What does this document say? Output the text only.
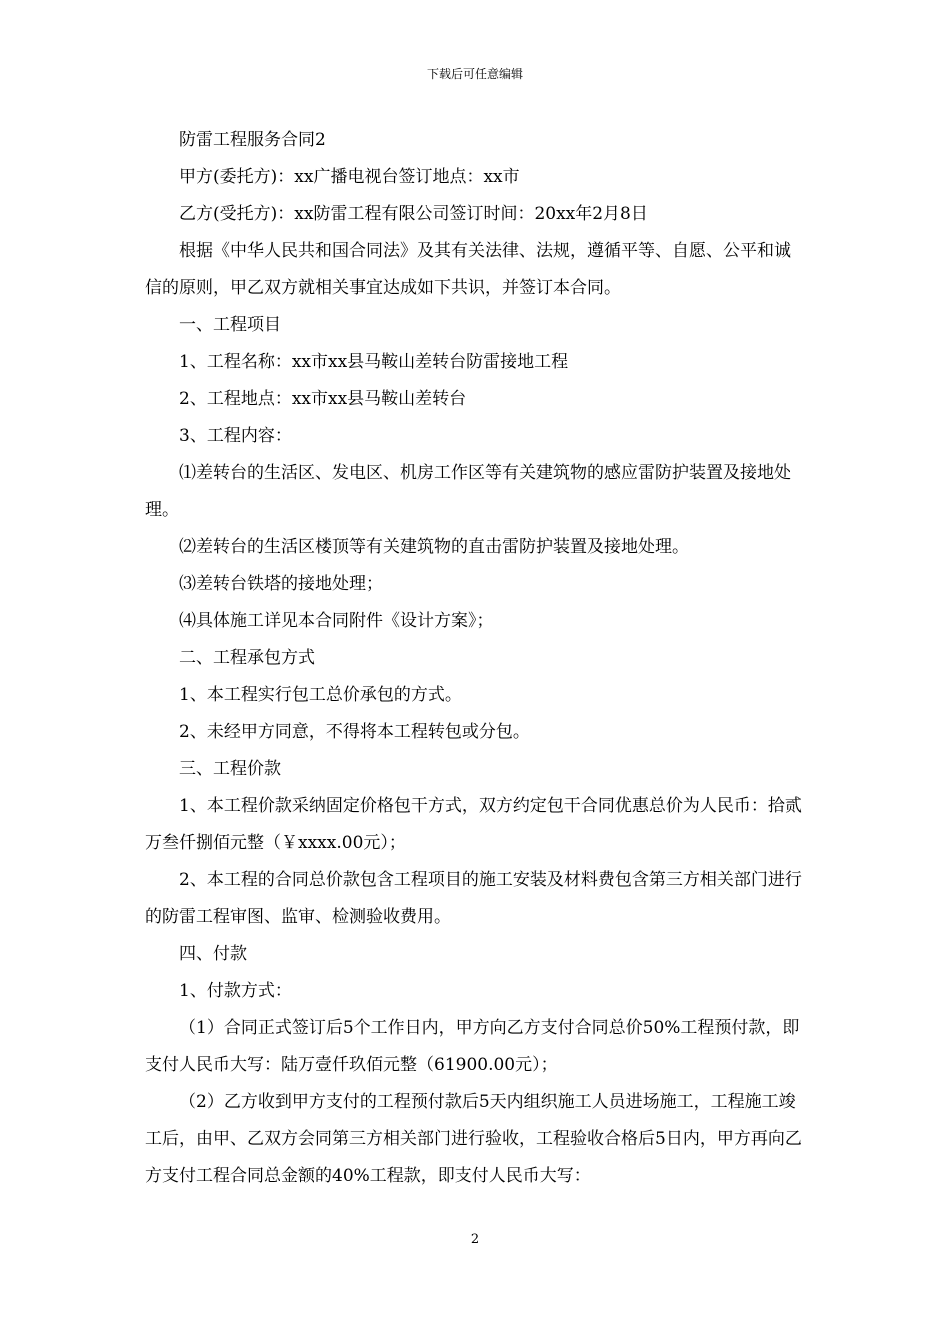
下载后可任意编辑

防雷工程服务合同2

甲方(委托方)：xx广播电视台签订地点：xx市

乙方(受托方)：xx防雷工程有限公司签订时间：20xx年2月8日

根据《中华人民共和国合同法》及其有关法律、法规，遵循平等、自愿、公平和诚信的原则，甲乙双方就相关事宜达成如下共识，并签订本合同。

一、工程项目

1、工程名称：xx市xx县马鞍山差转台防雷接地工程

2、工程地点：xx市xx县马鞍山差转台

3、工程内容：

⑴差转台的生活区、发电区、机房工作区等有关建筑物的感应雷防护装置及接地处理。

⑵差转台的生活区楼顶等有关建筑物的直击雷防护装置及接地处理。

⑶差转台铁塔的接地处理；

⑷具体施工详见本合同附件《设计方案》；

二、工程承包方式

1、本工程实行包工总价承包的方式。

2、未经甲方同意，不得将本工程转包或分包。

三、工程价款

1、本工程价款采纳固定价格包干方式，双方约定包干合同优惠总价为人民币：拾贰万叁仟捌佰元整（￥xxxx.00元）；

2、本工程的合同总价款包含工程项目的施工安装及材料费包含第三方相关部门进行的防雷工程审图、监审、检测验收费用。

四、付款

1、付款方式：

（1）合同正式签订后5个工作日内，甲方向乙方支付合同总价50%工程预付款，即支付人民币大写：陆万壹仟玖佰元整（61900.00元）；

（2）乙方收到甲方支付的工程预付款后5天内组织施工人员进场施工，工程施工竣工后，由甲、乙双方会同第三方相关部门进行验收，工程验收合格后5日内，甲方再向乙方支付工程合同总金额的40%工程款，即支付人民币大写：

2
